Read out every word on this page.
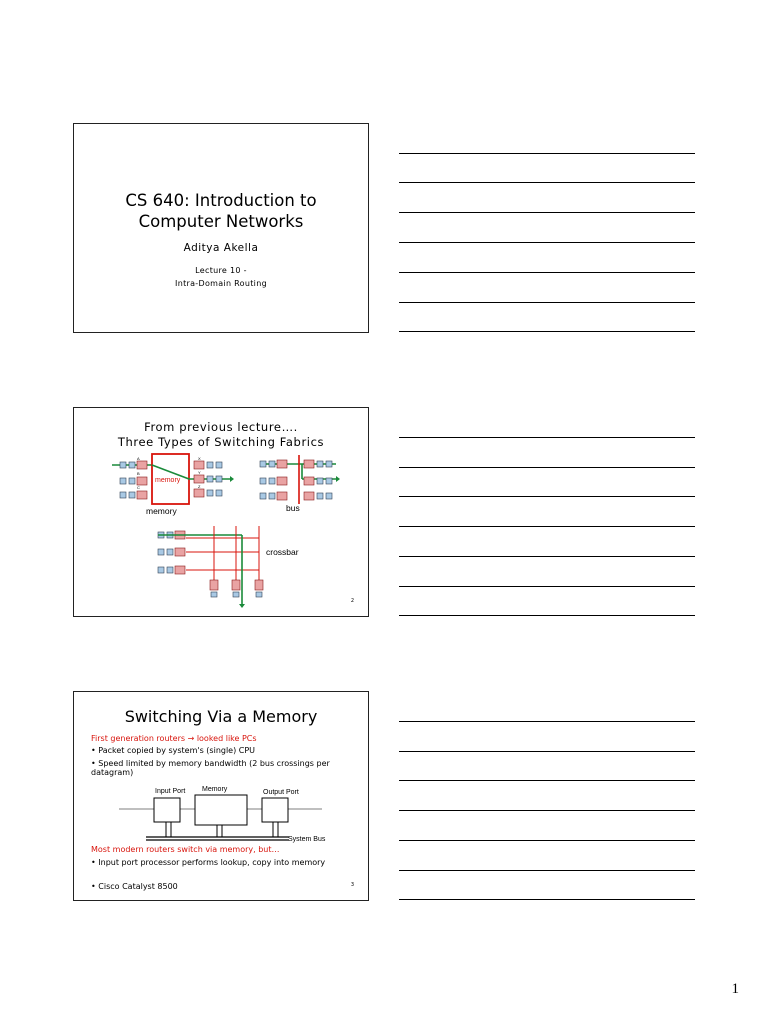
CS 640: Introduction to
Computer Networks
Aditya Akella
Lecture 10 -
Intra-Domain Routing
From previous lecture….
Three Types of Switching Fabrics
A
B
C
memory
X
Y
Z
memory	bus
crossbar
2
Switching Via a Memory
First generation routers → looked like PCs
• Packet copied by system's (single) CPU
• Speed limited by memory bandwidth (2 bus crossings per datagram)
Input Port Memory	Output Port
System Bus
Most modern routers switch via memory, but…
• Input port processor performs lookup, copy into memory
• Cisco Catalyst 8500	3
1
